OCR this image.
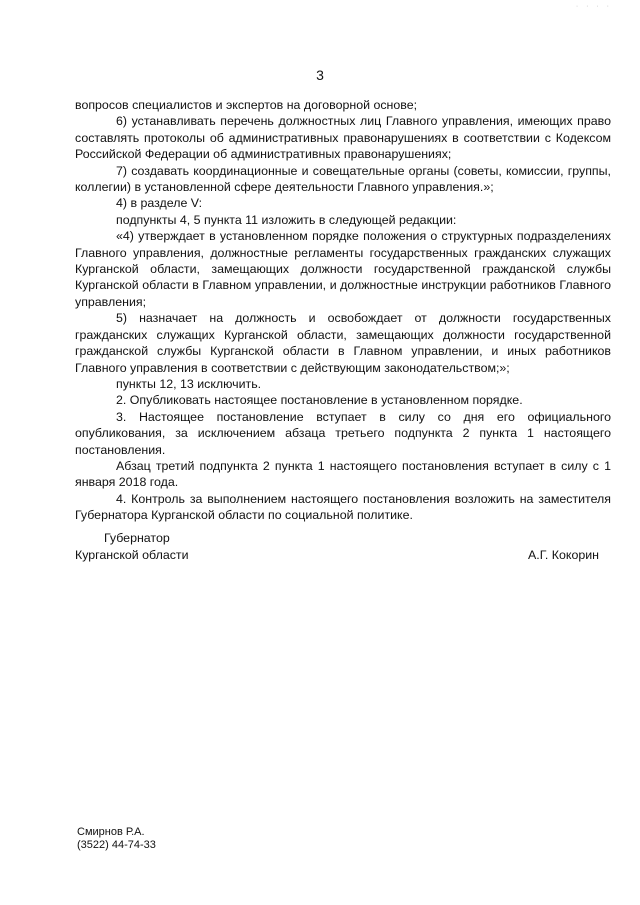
· · · ·
3

вопросов специалистов и экспертов на договорной основе;

6) устанавливать перечень должностных лиц Главного управления, имеющих право составлять протоколы об административных правонарушениях в соответствии с Кодексом Российской Федерации об административных правонарушениях;

7) создавать координационные и совещательные органы (советы, комиссии, группы, коллегии) в установленной сфере деятельности Главного управления.»;

4) в разделе V:

подпункты 4, 5 пункта 11 изложить в следующей редакции:

«4) утверждает в установленном порядке положения о структурных подразделениях Главного управления, должностные регламенты государственных гражданских служащих Курганской области, замещающих должности государственной гражданской службы Курганской области в Главном управлении, и должностные инструкции работников Главного управления;

5) назначает на должность и освобождает от должности государственных гражданских служащих Курганской области, замещающих должности государственной гражданской службы Курганской области в Главном управлении, и иных работников Главного управления в соответствии с действующим законодательством;»;

пункты 12, 13 исключить.

2. Опубликовать настоящее постановление в установленном порядке.

3. Настоящее постановление вступает в силу со дня его официального опубликования, за исключением абзаца третьего подпункта 2 пункта 1 настоящего постановления.

Абзац третий подпункта 2 пункта 1 настоящего постановления вступает в силу с 1 января 2018 года.

4. Контроль за выполнением настоящего постановления возложить на заместителя Губернатора Курганской области по социальной политике.

Губернатор
Курганской области	А.Г. Кокорин
Смирнов Р.А.
(3522) 44-74-33
